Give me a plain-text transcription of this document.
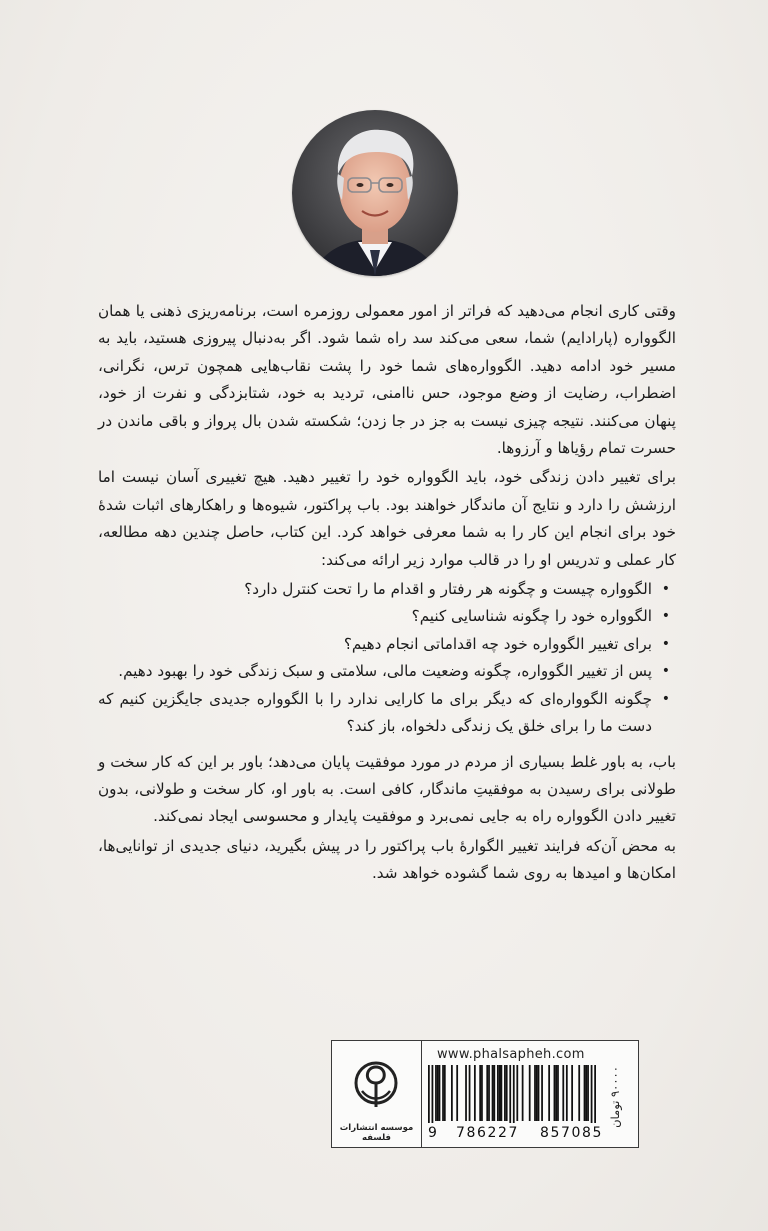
وقتی کاری انجام می‌دهید که فراتر از امور معمولی روزمره است، برنامه‌ریزی ذهنی یا همان الگوواره (پارادایم) شما، سعی می‌کند سد راه شما شود. اگر به‌دنبال پیروزی هستید، باید به مسیر خود ادامه دهید. الگوواره‌های شما خود را پشت نقاب‌هایی همچون ترس، نگرانی، اضطراب، رضایت از وضع موجود، حس ناامنی، تردید به خود، شتابزدگی و نفرت از خود، پنهان می‌کنند. نتیجه چیزی نیست به جز در جا زدن؛ شکسته شدن بال پرواز و باقی ماندن در حسرت تمام رؤیاها و آرزوها.

برای تغییر دادن زندگی خود، باید الگوواره خود را تغییر دهید. هیچ تغییری آسان نیست اما ارزشش را دارد و نتایج آن ماندگار خواهند بود. باب پراکتور، شیوه‌ها و راهکارهای اثبات شدهٔ خود برای انجام این کار را به شما معرفی خواهد کرد. این کتاب، حاصل چندین دهه مطالعه، کار عملی و تدریس او را در قالب موارد زیر ارائه می‌کند:

•
الگوواره چیست و چگونه هر رفتار و اقدام ما را تحت کنترل دارد؟
•
الگوواره خود را چگونه شناسایی کنیم؟
•
برای تغییر الگوواره خود چه اقداماتی انجام دهیم؟
•
پس از تغییر الگوواره، چگونه وضعیت مالی، سلامتی و سبک زندگی خود را بهبود دهیم.
•
چگونه الگوواره‌ای که دیگر برای ما کارایی ندارد را با الگوواره جدیدی جایگزین کنیم که دست ما را برای خلق یک زندگی دلخواه، باز کند؟

باب، به باور غلط بسیاری از مردم در مورد موفقیت پایان می‌دهد؛ باور بر این که کار سخت و طولانی برای رسیدن به موفقیتِ ماندگار، کافی است. به باور او، کار سخت و طولانی، بدون تغییر دادن الگوواره راه به جایی نمی‌برد و موفقیت پایدار و محسوسی ایجاد نمی‌کند.

به محض آن‌که فرایند تغییر الگوارهٔ باب پراکتور را در پیش بگیرید، دنیای جدیدی از توانایی‌ها، امکان‌ها و امیدها به روی شما گشوده خواهد شد.

موسسه انتشارات فلسفه
www.phalsapheh.com
9 786227 857085
۹۰۰۰۰ تومان
